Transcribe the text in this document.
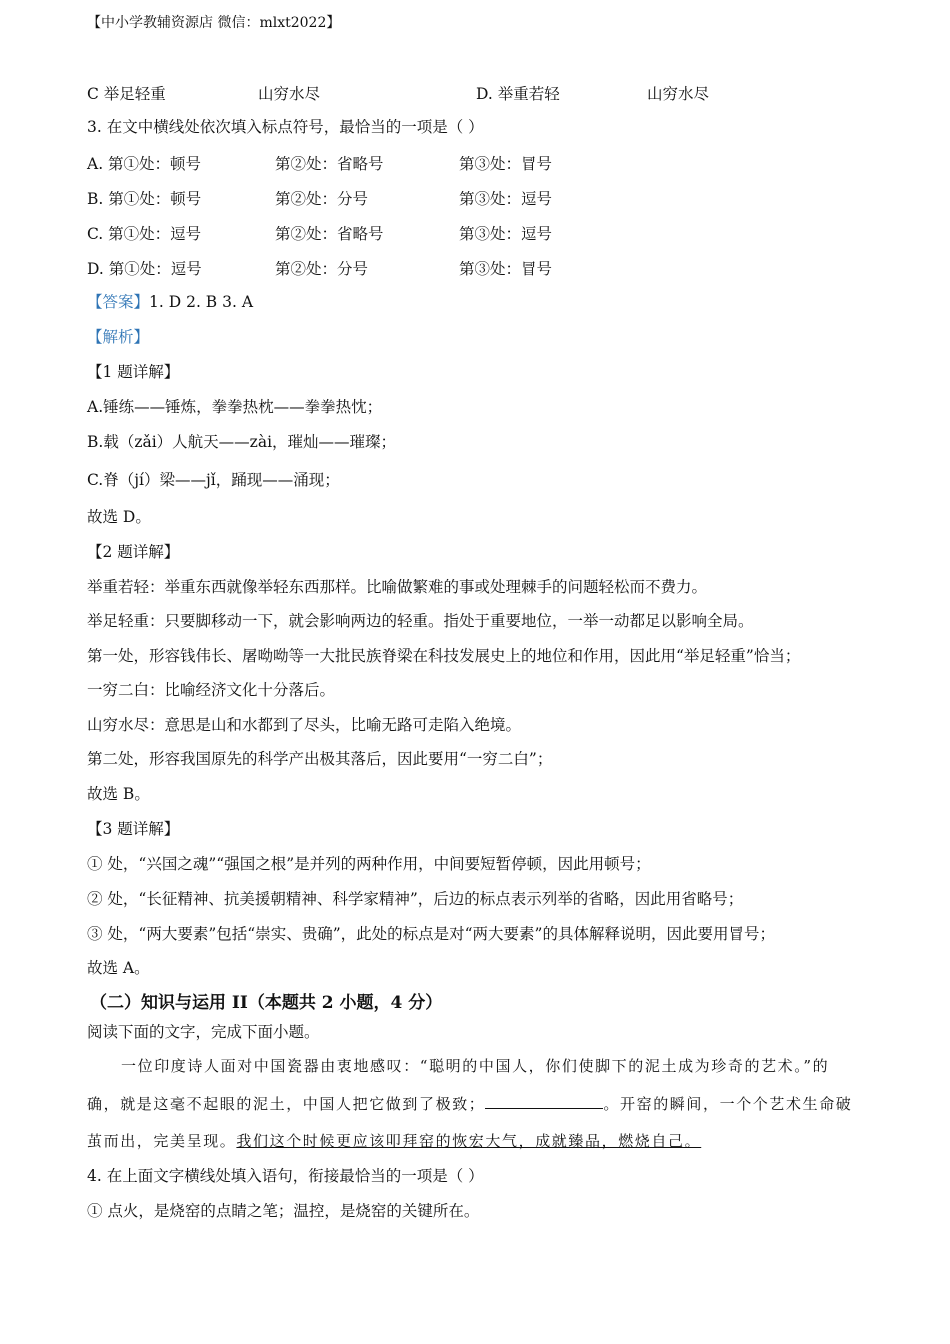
【中小学教辅资源店 微信：mlxt2022】
C 举足轻重	山穷水尽	D. 举重若轻	山穷水尽
3. 在文中横线处依次填入标点符号，最恰当的一项是（ ）
A. 第①处：顿号	第②处：省略号	第③处：冒号
B. 第①处：顿号	第②处：分号	第③处：逗号
C. 第①处：逗号	第②处：省略号	第③处：逗号
D. 第①处：逗号	第②处：分号	第③处：冒号
【答案】1. D 2. B 3. A
【解析】
【1 题详解】
A.锤练——锤炼，拳拳热枕——拳拳热忱；
B.载（zǎi）人航天——zài，璀灿——璀璨；
C.脊（jí）梁——jǐ，踊现——涌现；
故选 D。
【2 题详解】
举重若轻：举重东西就像举轻东西那样。比喻做繁难的事或处理棘手的问题轻松而不费力。
举足轻重：只要脚移动一下，就会影响两边的轻重。指处于重要地位，一举一动都足以影响全局。
第一处，形容钱伟长、屠呦呦等一大批民族脊梁在科技发展史上的地位和作用，因此用“举足轻重”恰当；
一穷二白：比喻经济文化十分落后。
山穷水尽：意思是山和水都到了尽头，比喻无路可走陷入绝境。
第二处，形容我国原先的科学产出极其落后，因此要用“一穷二白”；
故选 B。
【3 题详解】
① 处，“兴国之魂”“强国之根”是并列的两种作用，中间要短暂停顿，因此用顿号；
② 处，“长征精神、抗美援朝精神、科学家精神”，后边的标点表示列举的省略，因此用省略号；
③ 处，“两大要素”包括“崇实、贵确”，此处的标点是对“两大要素”的具体解释说明，因此要用冒号；
故选 A。
（二）知识与运用 II（本题共 2 小题，4 分）
阅读下面的文字，完成下面小题。
一位印度诗人面对中国瓷器由衷地感叹：“聪明的中国人，你们使脚下的泥土成为珍奇的艺术。”的
确，就是这毫不起眼的泥土，中国人把它做到了极致；	。开窑的瞬间，一个个艺术生命破
茧而出，完美呈现。我们这个时候更应该叩拜窑的恢宏大气，成就臻品，燃烧自己。
4. 在上面文字横线处填入语句，衔接最恰当的一项是（ ）
① 点火，是烧窑的点睛之笔；温控，是烧窑的关键所在。
